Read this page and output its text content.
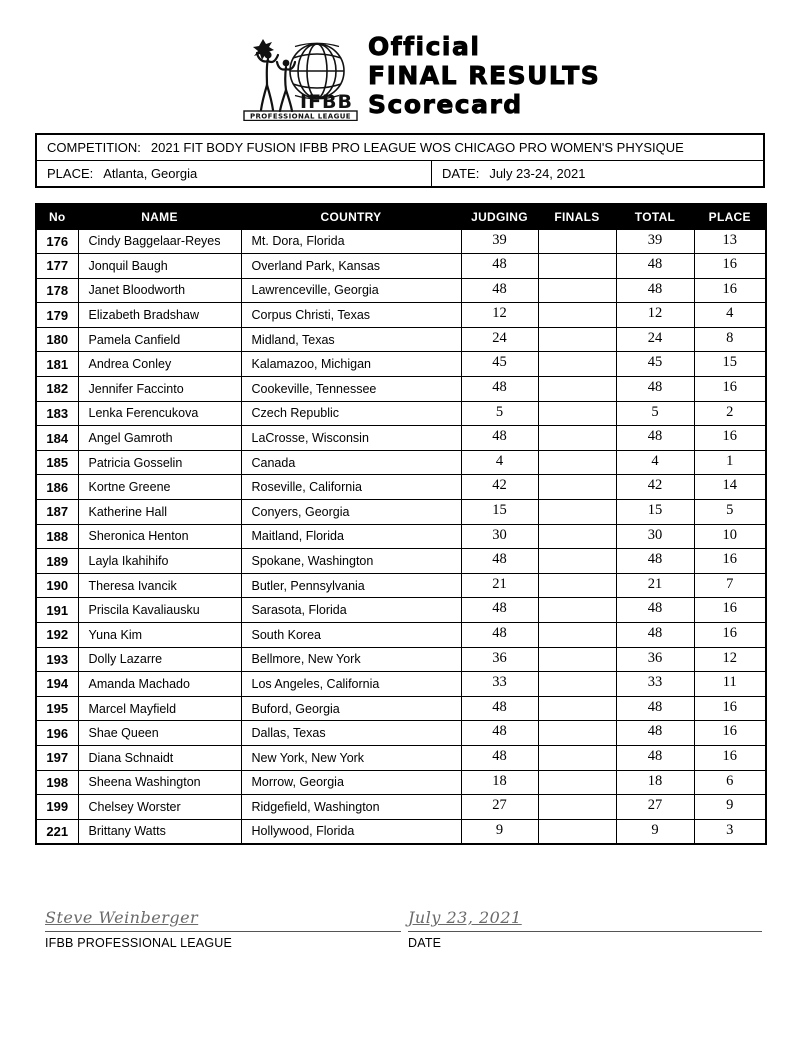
IFBB
PROFESSIONAL LEAGUE
Official
FINAL RESULTS
Scorecard
COMPETITION: 2021 FIT BODY FUSION IFBB PRO LEAGUE WOS CHICAGO PRO WOMEN'S PHYSIQUE
PLACE: Atlanta, Georgia	DATE: July 23-24, 2021
No	NAME	COUNTRY	JUDGING	FINALS	TOTAL	PLACE
176	Cindy Baggelaar-Reyes	Mt. Dora, Florida	39		39	13
177	Jonquil Baugh	Overland Park, Kansas	48		48	16
178	Janet Bloodworth	Lawrenceville, Georgia	48		48	16
179	Elizabeth Bradshaw	Corpus Christi, Texas	12		12	4
180	Pamela Canfield	Midland, Texas	24		24	8
181	Andrea Conley	Kalamazoo, Michigan	45		45	15
182	Jennifer Faccinto	Cookeville, Tennessee	48		48	16
183	Lenka Ferencukova	Czech Republic	5		5	2
184	Angel Gamroth	LaCrosse, Wisconsin	48		48	16
185	Patricia Gosselin	Canada	4		4	1
186	Kortne Greene	Roseville, California	42		42	14
187	Katherine Hall	Conyers, Georgia	15		15	5
188	Sheronica Henton	Maitland, Florida	30		30	10
189	Layla Ikahihifo	Spokane, Washington	48		48	16
190	Theresa Ivancik	Butler, Pennsylvania	21		21	7
191	Priscila Kavaliausku	Sarasota, Florida	48		48	16
192	Yuna Kim	South Korea	48		48	16
193	Dolly Lazarre	Bellmore, New York	36		36	12
194	Amanda Machado	Los Angeles, California	33		33	11
195	Marcel Mayfield	Buford, Georgia	48		48	16
196	Shae Queen	Dallas, Texas	48		48	16
197	Diana Schnaidt	New York, New York	48		48	16
198	Sheena Washington	Morrow, Georgia	18		18	6
199	Chelsey Worster	Ridgefield, Washington	27		27	9
221	Brittany Watts	Hollywood, Florida	9		9	3
Steve Weinberger
IFBB PROFESSIONAL LEAGUE
July 23, 2021
DATE
